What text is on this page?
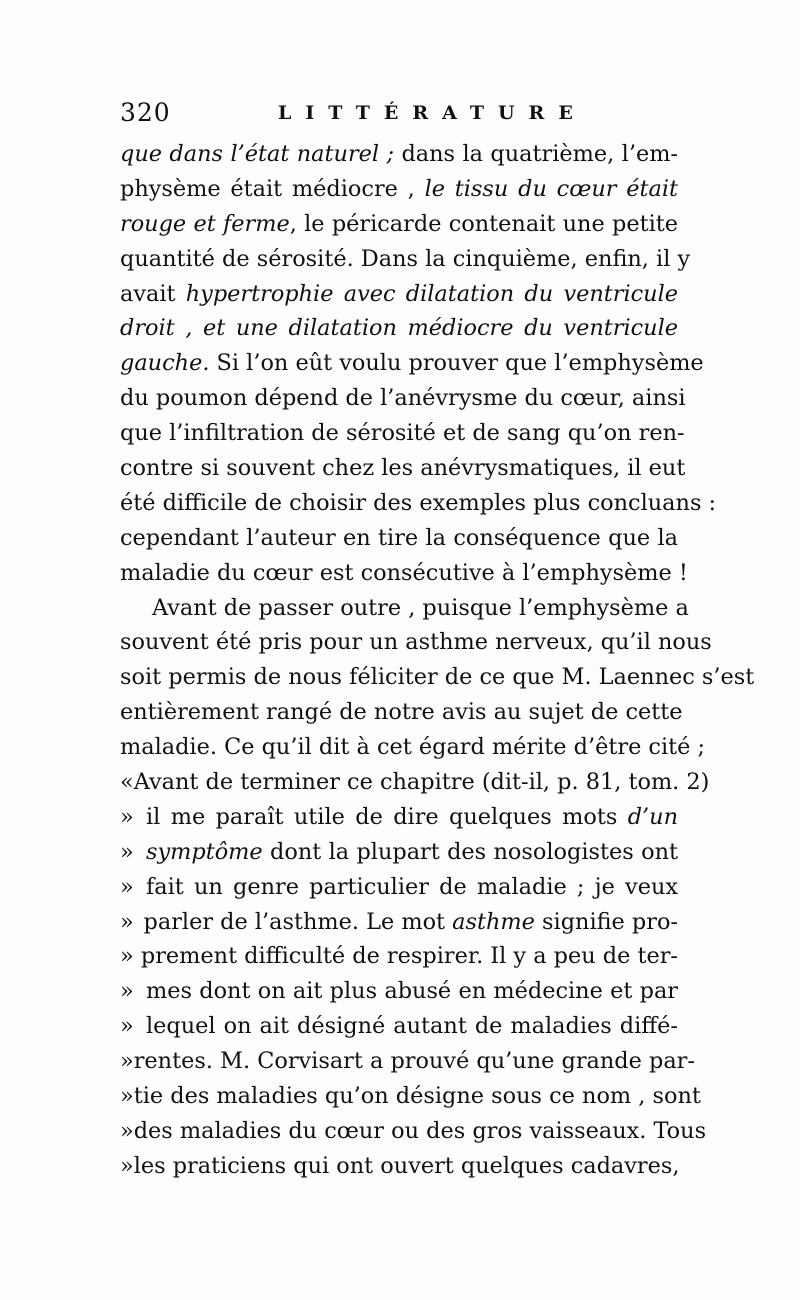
320	LITTÉRATURE
que dans l’état naturel ; dans la quatrième, l’em-
physème était médiocre , le tissu du cœur était
rouge et ferme, le péricarde contenait une petite
quantité de sérosité. Dans la cinquième, enfin, il y
avait hypertrophie avec dilatation du ventricule
droit , et une dilatation médiocre du ventricule
gauche. Si l’on eût voulu prouver que l’emphysème
du poumon dépend de l’anévrysme du cœur, ainsi
que l’infiltration de sérosité et de sang qu’on ren-
contre si souvent chez les anévrysmatiques, il eut
été difficile de choisir des exemples plus concluans :
cependant l’auteur en tire la conséquence que la
maladie du cœur est consécutive à l’emphysème !
Avant de passer outre , puisque l’emphysème a
souvent été pris pour un asthme nerveux, qu’il nous
soit permis de nous féliciter de ce que M. Laennec s’est
entièrement rangé de notre avis au sujet de cette
maladie. Ce qu’il dit à cet égard mérite d’être cité ;
« Avant de terminer ce chapitre (dit-il, p. 81, tom. 2)
» il me paraît utile de dire quelques mots d’un
» symptôme dont la plupart des nosologistes ont
» fait un genre particulier de maladie ; je veux
» parler de l’asthme. Le mot asthme signifie pro-
» prement difficulté de respirer. Il y a peu de ter-
» mes dont on ait plus abusé en médecine et par
» lequel on ait désigné autant de maladies diffé-
» rentes. M. Corvisart a prouvé qu’une grande par-
» tie des maladies qu’on désigne sous ce nom , sont
» des maladies du cœur ou des gros vaisseaux. Tous
» les praticiens qui ont ouvert quelques cadavres,
